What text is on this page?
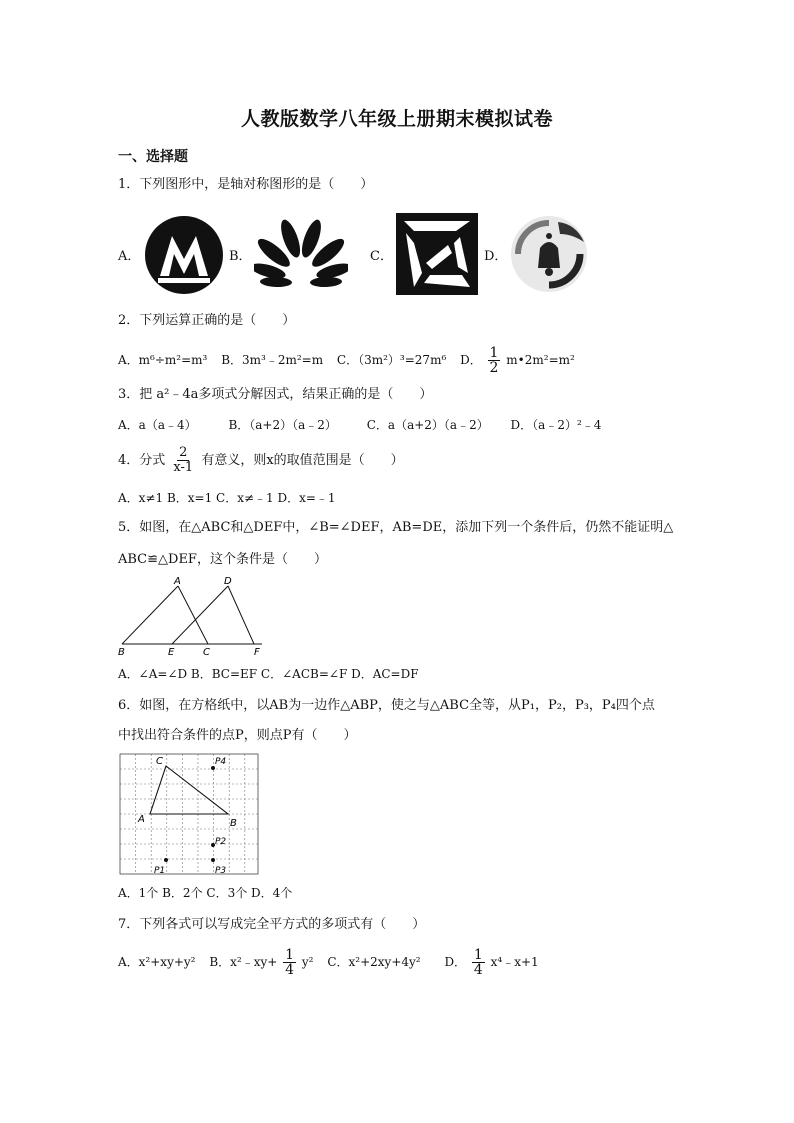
人教版数学八年级上册期末模拟试卷
一、选择题
1．下列图形中，是轴对称图形的是（　　）
A．	B．	C．	D．
2．下列运算正确的是（　　）
A．m⁶÷m²=m³ B．3m³﹣2m²=m C．（3m²）³=27m⁶ D． $\frac{1}{2}$ m•2m²=m²
3．把 a²﹣4a多项式分解因式，结果正确的是（　　）
A．a（a﹣4）	B．（a+2）（a﹣2） C．a（a+2）（a﹣2） D．（a﹣2）²﹣4
4．分式 $\frac{2}{x-1}$ 有意义，则x的取值范围是（　　）
A．x≠1 B．x=1 C．x≠﹣1 D．x=﹣1
5．如图，在△ABC和△DEF中，∠B=∠DEF，AB=DE，添加下列一个条件后，仍然不能证明△
ABC≌△DEF，这个条件是（　　）
A	D
B	E	C	F
A．∠A=∠D B．BC=EF C．∠ACB=∠F D．AC=DF
6．如图，在方格纸中，以AB为一边作△ABP，使之与△ABC全等，从P₁，P₂，P₃，P₄四个点
中找出符合条件的点P，则点P有（　　）
C	P4
A	B
P2
P1	P3
A．1个 B．2个 C．3个 D．4个
7．下列各式可以写成完全平方式的多项式有（　　）
A．x²+xy+y² B．x²﹣xy+ $\frac{1}{4} y^2$ C．x²+2xy+4y² D． $\frac{1}{4}$ x⁴﹣x+1
